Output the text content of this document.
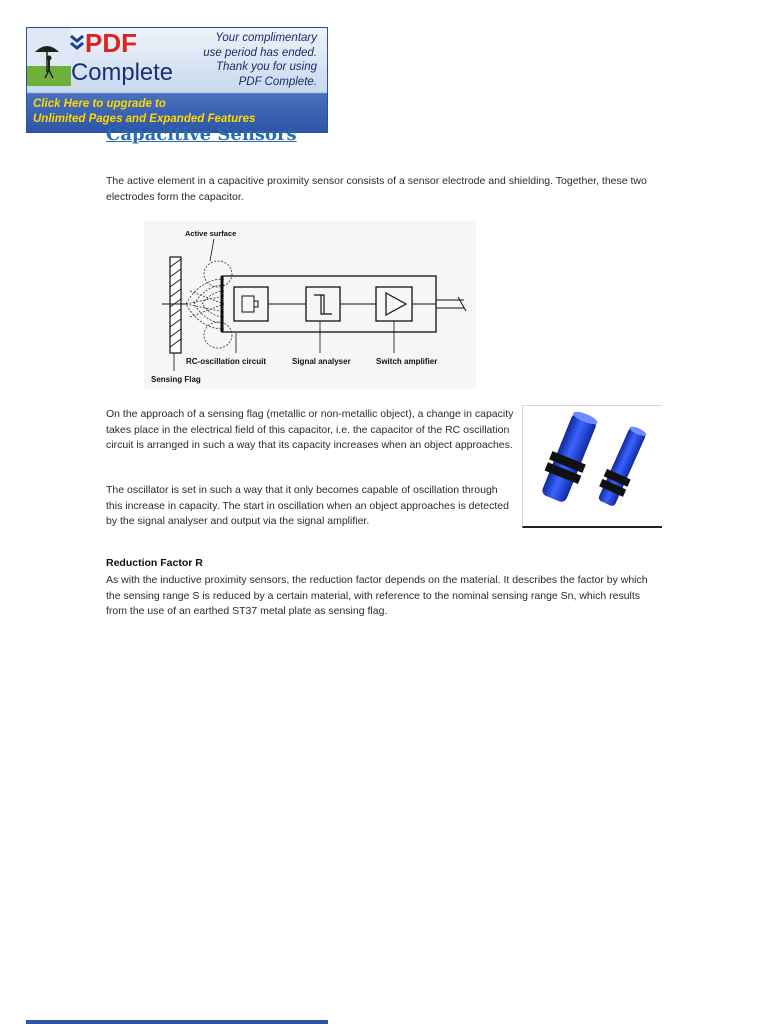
PDF
Complete
Your complimentary
use period has ended.
Thank you for using
PDF Complete.
Click Here to upgrade to
Unlimited Pages and Expanded Features
Capacitive Sensors

The active element in a capacitive proximity sensor consists of a sensor electrode and shielding. Together, these two electrodes form the capacitor.

Active surface
RC-oscillation circuit	Signal analyser	Switch amplifier
Sensing Flag

On the approach of a sensing flag (metallic or non-metallic object), a change in capacity takes place in the electrical field of this capacitor, i.e. the capacitor of the RC oscillation circuit is arranged in such a way that its capacity increases when an object approaches.

The oscillator is set in such a way that it only becomes capable of oscillation through this increase in capacity. The start in oscillation when an object approaches is detected by the signal analyser and output via the signal amplifier.

Reduction Factor R

As with the inductive proximity sensors, the reduction factor depends on the material. It describes the factor by which the sensing range S is reduced by a certain material, with reference to the nominal sensing range Sn, which results from the use of an earthed ST37 metal plate as sensing flag.
